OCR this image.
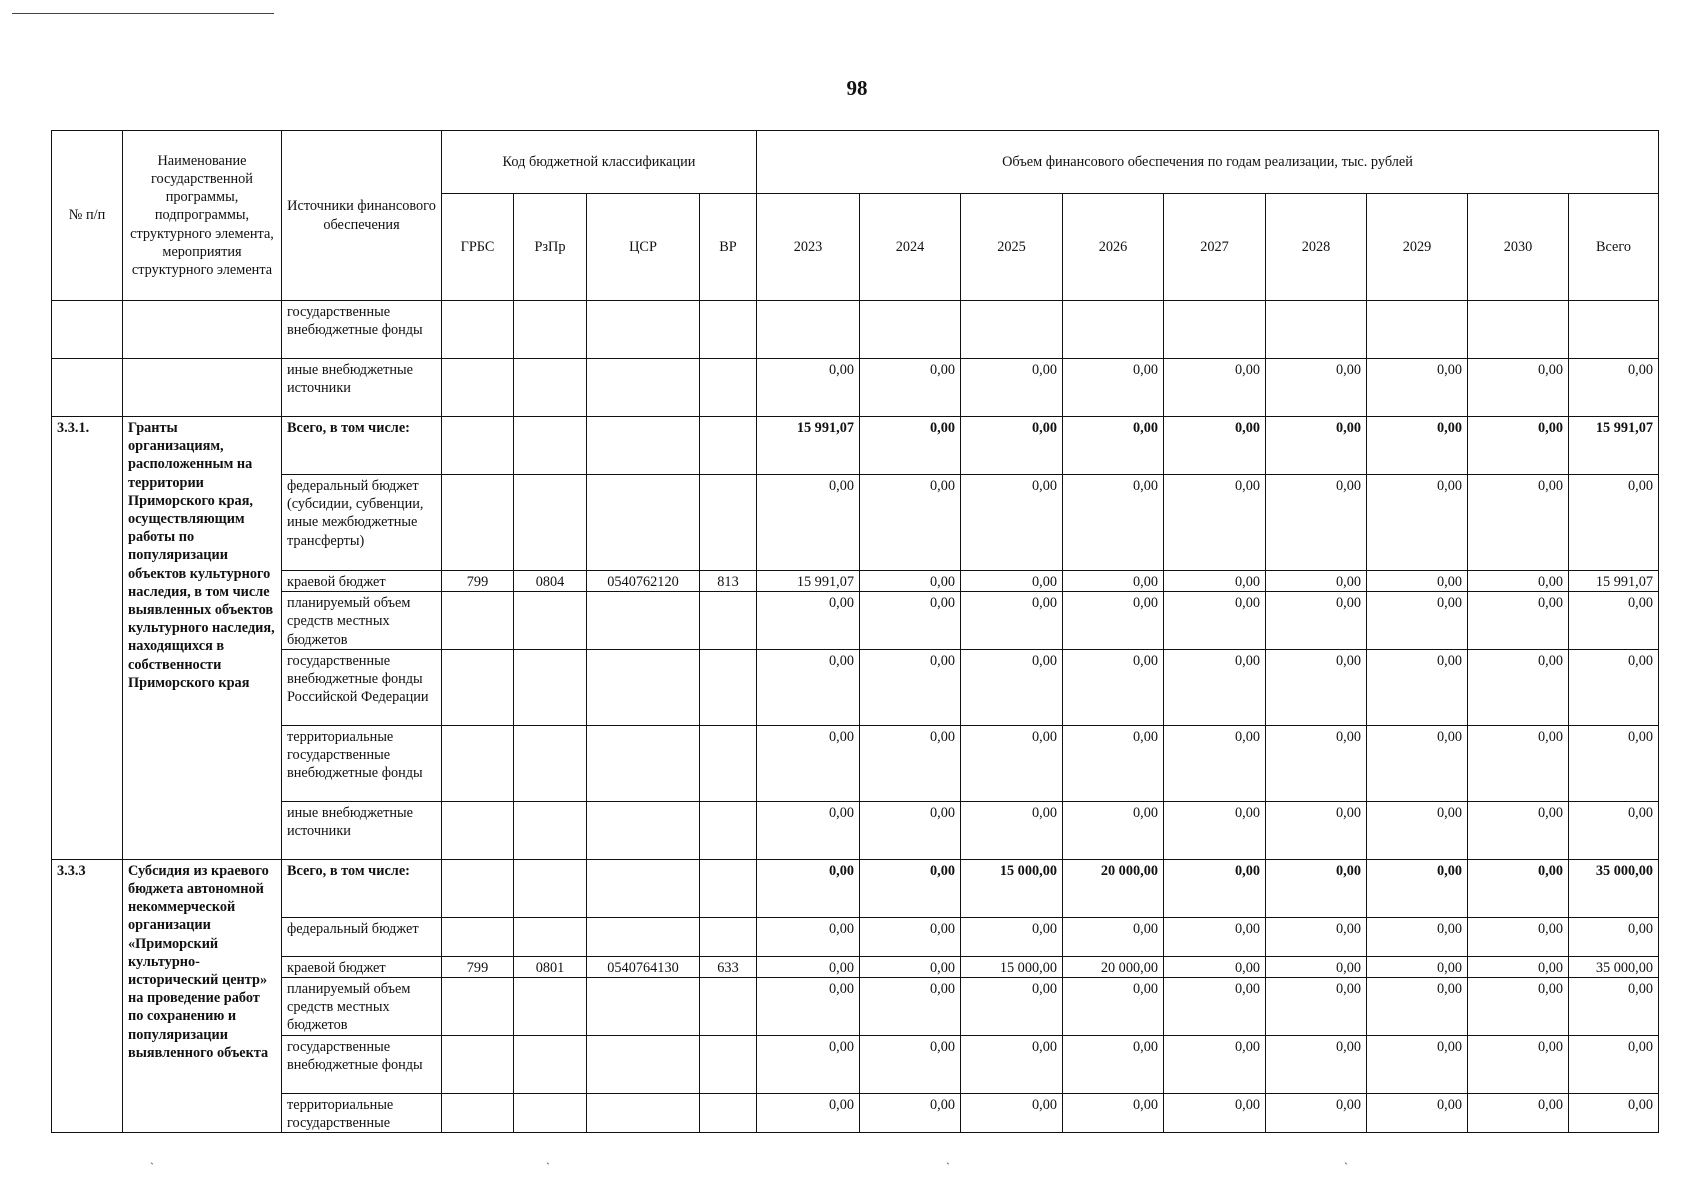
98
№ п/п	Наименование государственной программы, подпрограммы, структурного элемента, мероприятия структурного элемента	Источники финансового обеспечения	Код бюджетной классификации				Объем финансового обеспечения по годам реализации, тыс. рублей								
			ГРБС	РзПр	ЦСР	ВР	2023	2024	2025	2026	2027	2028	2029	2030	Всего
		государственные внебюджетные фонды													
		иные внебюджетные источники					0,00	0,00	0,00	0,00	0,00	0,00	0,00	0,00	0,00
3.3.1.	Гранты организациям, расположенным на территории Приморского края, осуществляющим работы по популяризации объектов культурного наследия, в том числе выявленных объектов культурного наследия, находящихся в собственности Приморского края	Всего, в том числе:					15 991,07	0,00	0,00	0,00	0,00	0,00	0,00	0,00	15 991,07
		федеральный бюджет (субсидии, субвенции, иные межбюджетные трансферты)					0,00	0,00	0,00	0,00	0,00	0,00	0,00	0,00	0,00
		краевой бюджет	799	0804	0540762120	813	15 991,07	0,00	0,00	0,00	0,00	0,00	0,00	0,00	15 991,07
		планируемый объем средств местных бюджетов					0,00	0,00	0,00	0,00	0,00	0,00	0,00	0,00	0,00
		государственные внебюджетные фонды Российской Федерации					0,00	0,00	0,00	0,00	0,00	0,00	0,00	0,00	0,00
		территориальные государственные внебюджетные фонды					0,00	0,00	0,00	0,00	0,00	0,00	0,00	0,00	0,00
		иные внебюджетные источники					0,00	0,00	0,00	0,00	0,00	0,00	0,00	0,00	0,00
3.3.3	Субсидия из краевого бюджета автономной некоммерческой организации «Приморский культурно-исторический центр» на проведение работ по сохранению и популяризации выявленного объекта	Всего, в том числе:					0,00	0,00	15 000,00	20 000,00	0,00	0,00	0,00	0,00	35 000,00
		федеральный бюджет					0,00	0,00	0,00	0,00	0,00	0,00	0,00	0,00	0,00
		краевой бюджет	799	0801	0540764130	633	0,00	0,00	15 000,00	20 000,00	0,00	0,00	0,00	0,00	35 000,00
		планируемый объем средств местных бюджетов					0,00	0,00	0,00	0,00	0,00	0,00	0,00	0,00	0,00
		государственные внебюджетные фонды					0,00	0,00	0,00	0,00	0,00	0,00	0,00	0,00	0,00
		территориальные государственные					0,00	0,00	0,00	0,00	0,00	0,00	0,00	0,00	0,00
`	`	`	`
